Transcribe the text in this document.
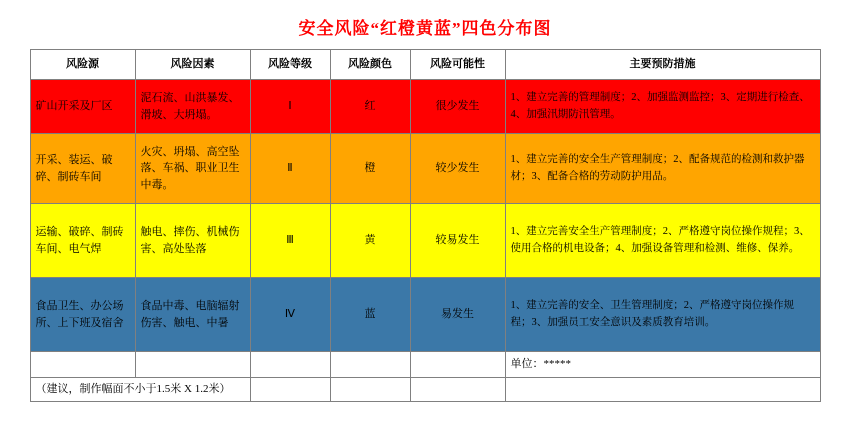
安全风险“红橙黄蓝”四色分布图
风险源	风险因素	风险等级	风险颜色	风险可能性	主要预防措施
矿山开采及厂区	泥石流、山洪暴发、滑坡、大坍塌。	Ⅰ	红	很少发生	1、建立完善的管理制度；2、加强监测监控；3、定期进行检查、4、加强汛期防汛管理。
开采、装运、破碎、制砖车间	火灾、坍塌、高空坠落、车祸、职业卫生中毒。	Ⅱ	橙	较少发生	1、建立完善的安全生产管理制度；2、配备规范的检测和救护器材；3、配备合格的劳动防护用品。
运输、破碎、制砖车间、电气焊	触电、摔伤、机械伤害、高处坠落	Ⅲ	黄	较易发生	1、建立完善安全生产管理制度；2、严格遵守岗位操作规程；3、使用合格的机电设备；4、加强设备管理和检测、维修、保养。
食品卫生、办公场所、上下班及宿舍	食品中毒、电脑辐射伤害、触电、中暑	Ⅳ	蓝	易发生	1、建立完善的安全、卫生管理制度；2、严格遵守岗位操作规程；3、加强员工安全意识及素质教育培训。
					单位：*****
（建议，制作幅面不小于1.5米 X 1.2米）					
